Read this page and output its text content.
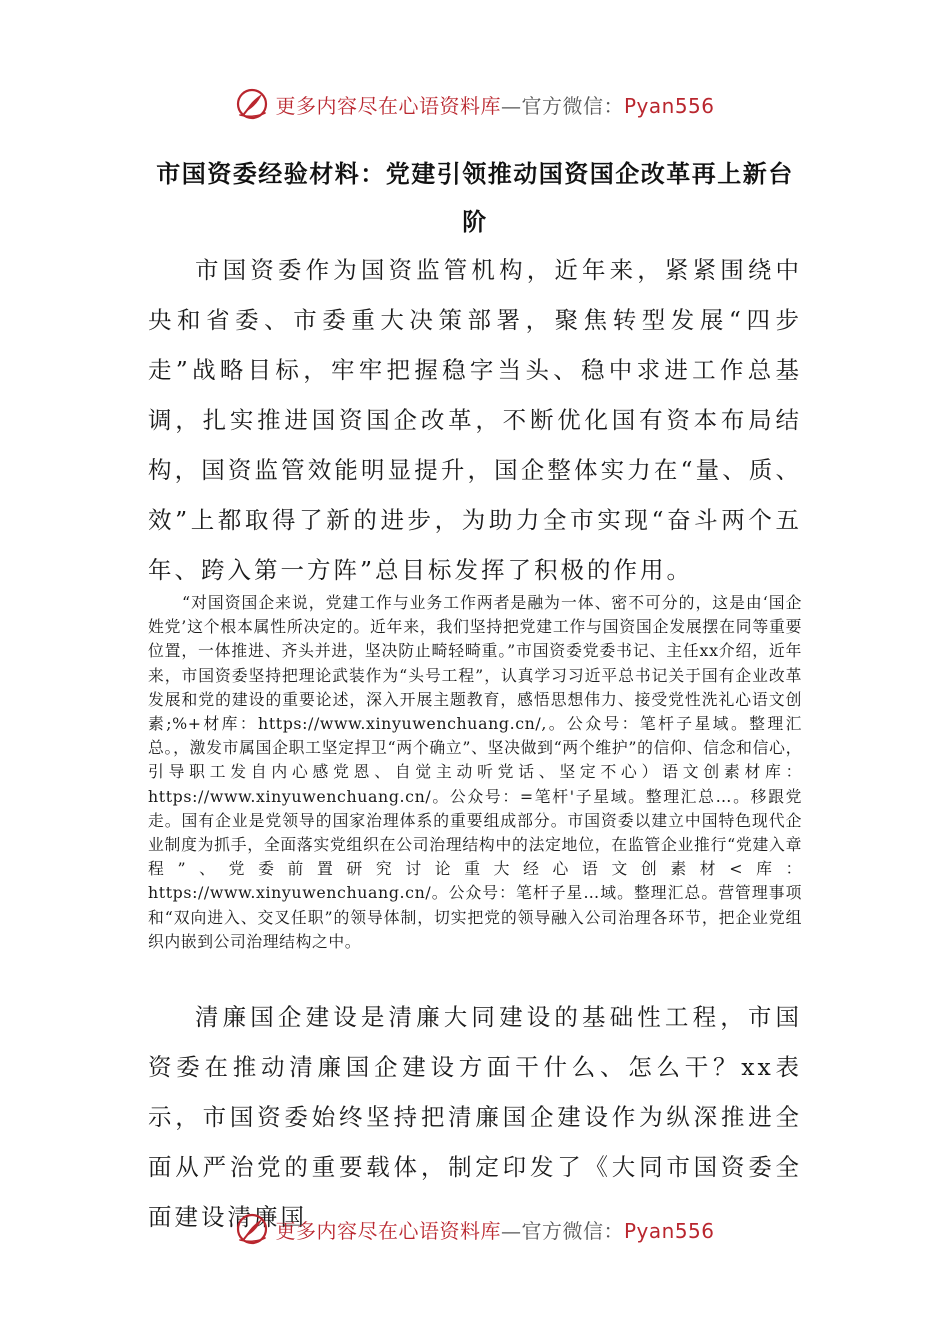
更多内容尽在心语资料库—官方微信：Pyan556
市国资委经验材料：党建引领推动国资国企改革再上新台阶

市国资委作为国资监管机构，近年来，紧紧围绕中央和省委、市委重大决策部署，聚焦转型发展“四步走”战略目标，牢牢把握稳字当头、稳中求进工作总基调，扎实推进国资国企改革，不断优化国有资本布局结构，国资监管效能明显提升，国企整体实力在“量、质、效”上都取得了新的进步，为助力全市实现“奋斗两个五年、跨入第一方阵”总目标发挥了积极的作用。

“对国资国企来说，党建工作与业务工作两者是融为一体、密不可分的，这是由‘国企姓党’这个根本属性所决定的。近年来，我们坚持把党建工作与国资国企发展摆在同等重要位置，一体推进、齐头并进，坚决防止畸轻畸重。”市国资委党委书记、主任xx介绍，近年来，市国资委坚持把理论武装作为“头号工程”，认真学习习近平总书记关于国有企业改革发展和党的建设的重要论述，深入开展主题教育，感悟思想伟力、接受党性洗礼心语文创素;%+材库：https://www.xinyuwenchuang.cn/,。公众号：笔杆子星域。整理汇总。，激发市属国企职工坚定捍卫“两个确立”、坚决做到“两个维护”的信仰、信念和信心，引导职工发自内心感党恩、自觉主动听党话、坚定不心）语文创素材库：https://www.xinyuwenchuang.cn/。公众号：=笔杆'子星域。整理汇总…。移跟党走。国有企业是党领导的国家治理体系的重要组成部分。市国资委以建立中国特色现代企业制度为抓手，全面落实党组织在公司治理结构中的法定地位，在监管企业推行“党建入章程”、党委前置研究讨论重大经心语文创素材<库：https://www.xinyuwenchuang.cn/。公众号：笔杆子星…域。整理汇总。营管理事项和“双向进入、交叉任职”的领导体制，切实把党的领导融入公司治理各环节，把企业党组织内嵌到公司治理结构之中。

清廉国企建设是清廉大同建设的基础性工程，市国资委在推动清廉国企建设方面干什么、怎么干？xx表示，市国资委始终坚持把清廉国企建设作为纵深推进全面从严治党的重要载体，制定印发了《大同市国资委全面建设清廉国

更多内容尽在心语资料库—官方微信：Pyan556
